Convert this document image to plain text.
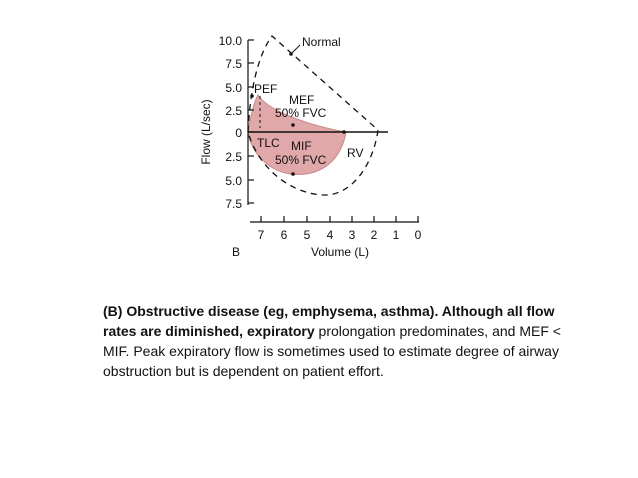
10.0
7.5
5.0
2.5
0
2.5
5.0
7.5
Flow (L/sec)
7 6 5 4 3 2 1 0
Volume (L)
B
Normal
PEF
MEF
50% FVC
TLC MIF
50% FVC RV

(B) Obstructive disease (eg, emphysema, asthma). Although all flow rates are diminished, expiratory prolongation predominates, and MEF < MIF. Peak expiratory flow is sometimes used to estimate degree of airway obstruction but is dependent on patient effort.
